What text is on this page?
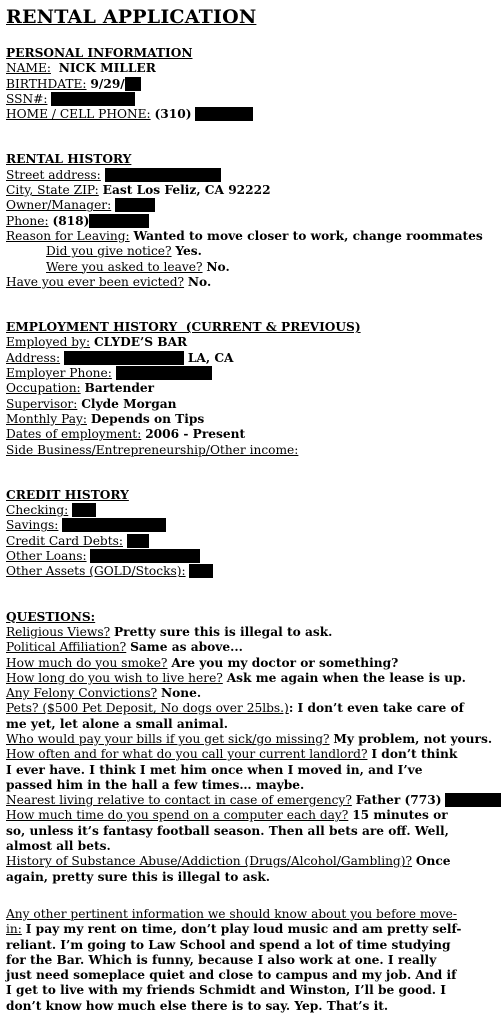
RENTAL APPLICATION
PERSONAL INFORMATION
NAME: NICK MILLER
BIRTHDATE: 9/29/
SSN#:
HOME / CELL PHONE: (310)
RENTAL HISTORY
Street address:
City, State ZIP: East Los Feliz, CA 92222
Owner/Manager:
Phone: (818)
Reason for Leaving: Wanted to move closer to work, change roommates
Did you give notice? Yes.
Were you asked to leave? No.
Have you ever been evicted? No.
EMPLOYMENT HISTORY  (CURRENT & PREVIOUS)
Employed by: CLYDE’S BAR
Address:	LA, CA
Employer Phone:
Occupation: Bartender
Supervisor: Clyde Morgan
Monthly Pay: Depends on Tips
Dates of employment: 2006 - Present
Side Business/Entrepreneurship/Other income:
CREDIT HISTORY
Checking:
Savings:
Credit Card Debts:
Other Loans:
Other Assets (GOLD/Stocks):
QUESTIONS:
Religious Views? Pretty sure this is illegal to ask.
Political Affiliation? Same as above...
How much do you smoke? Are you my doctor or something?
How long do you wish to live here? Ask me again when the lease is up.
Any Felony Convictions? None.
Pets? ($500 Pet Deposit, No dogs over 25lbs.): I don’t even take care of me yet, let alone a small animal.
Who would pay your bills if you get sick/go missing? My problem, not yours.
How often and for what do you call your current landlord? I don’t think I ever have. I think I met him once when I moved in, and I’ve passed him in the hall a few times… maybe.
Nearest living relative to contact in case of emergency? Father (773)
How much time do you spend on a computer each day? 15 minutes or so, unless it’s fantasy football season. Then all bets are off. Well, almost all bets.
History of Substance Abuse/Addiction (Drugs/Alcohol/Gambling)? Once again, pretty sure this is illegal to ask.
Any other pertinent information we should know about you before move-in: I pay my rent on time, don’t play loud music and am pretty self-reliant. I’m going to Law School and spend a lot of time studying for the Bar. Which is funny, because I also work at one. I really just need someplace quiet and close to campus and my job. And if I get to live with my friends Schmidt and Winston, I’ll be good. I don’t know how much else there is to say. Yep. That’s it.
